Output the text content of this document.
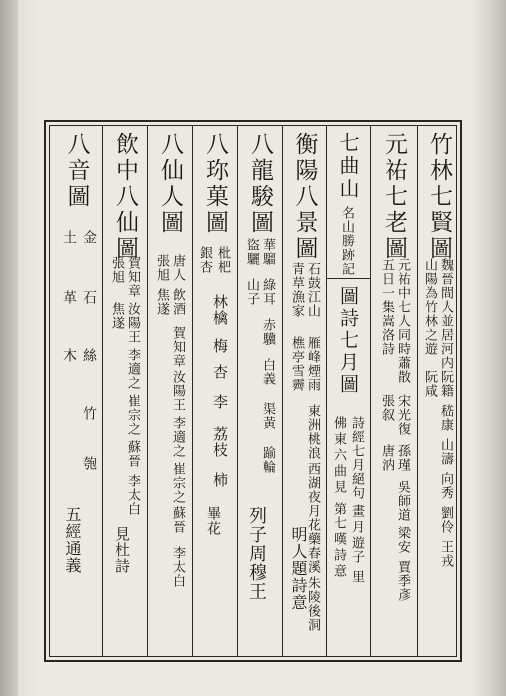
竹林七賢圖
魏晉間人並居河内
山陽為竹林之遊
阮籍
嵇康
山濤
向秀
劉伶
王戎
阮咸
元祐七老圖
元祐中七人同時蕭散
五日一集嵩洛詩
宋光復
孫瑾
吳師道
梁安
賈季彥
張叙
唐汭
七曲山
名山勝跡記
圖詩七月圖
詩經七月
絕句
畫
月
佛
東
六
曲
見
遊子
里
第七
嘆
詩
意
衡陽八景圖
石鼓江山
雁峰煙雨
東洲桃浪
西湖夜月
花藥春溪
朱陵後洞
青草漁家
樵亭雪霽
明人題詩意
八龍駿圖
華騮
綠耳
赤驥
白義
渠黃
踰輪
盜驪
山子
列子周穆王
八珎菓圖
枇杷
林檎
梅
杏
李
荔枝
柿
銀杏
畢花
八仙人圖
唐人
飲酒
賀知章
汝陽王
李適之
崔宗之
蘇晉
李太白
張旭
焦遂
飲中八仙圖
賀知章
汝陽王
李適之
崔宗之
蘇晉
李太白
張旭
焦遂
見杜詩
八音圖
金
石
絲
竹
匏
土
革
木
五經通義
